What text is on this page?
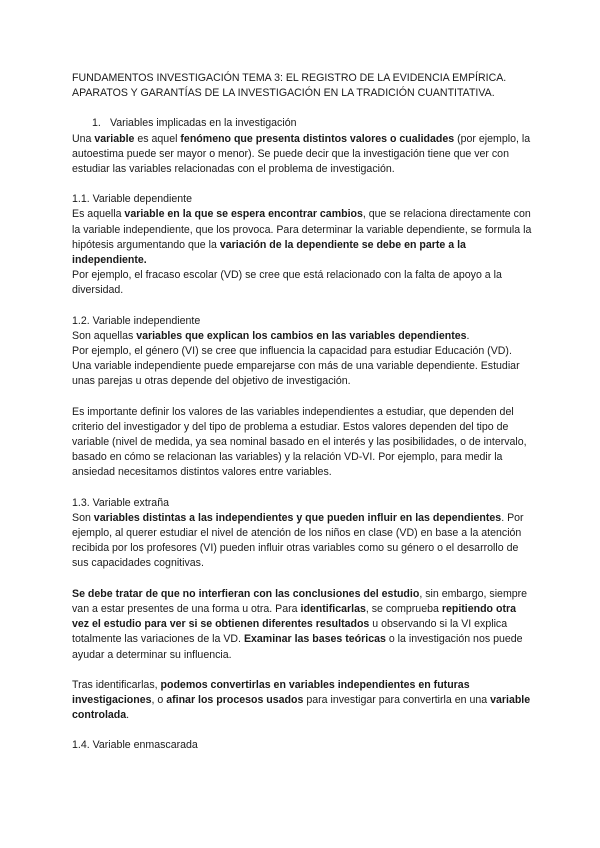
FUNDAMENTOS INVESTIGACIÓN TEMA 3: EL REGISTRO DE LA EVIDENCIA EMPÍRICA. APARATOS Y GARANTÍAS DE LA INVESTIGACIÓN EN LA TRADICIÓN CUANTITATIVA.

1. Variables implicadas en la investigación

Una variable es aquel fenómeno que presenta distintos valores o cualidades (por ejemplo, la autoestima puede ser mayor o menor). Se puede decir que la investigación tiene que ver con estudiar las variables relacionadas con el problema de investigación.

1.1. Variable dependiente

Es aquella variable en la que se espera encontrar cambios, que se relaciona directamente con la variable independiente, que los provoca. Para determinar la variable dependiente, se formula la hipótesis argumentando que la variación de la dependiente se debe en parte a la independiente.

Por ejemplo, el fracaso escolar (VD) se cree que está relacionado con la falta de apoyo a la diversidad.

1.2. Variable independiente

Son aquellas variables que explican los cambios en las variables dependientes.

Por ejemplo, el género (VI) se cree que influencia la capacidad para estudiar Educación (VD).

Una variable independiente puede emparejarse con más de una variable dependiente. Estudiar unas parejas u otras depende del objetivo de investigación.

Es importante definir los valores de las variables independientes a estudiar, que dependen del criterio del investigador y del tipo de problema a estudiar. Estos valores dependen del tipo de variable (nivel de medida, ya sea nominal basado en el interés y las posibilidades, o de intervalo, basado en cómo se relacionan las variables) y la relación VD-VI. Por ejemplo, para medir la ansiedad necesitamos distintos valores entre variables.

1.3. Variable extraña

Son variables distintas a las independientes y que pueden influir en las dependientes. Por ejemplo, al querer estudiar el nivel de atención de los niños en clase (VD) en base a la atención recibida por los profesores (VI) pueden influir otras variables como su género o el desarrollo de sus capacidades cognitivas.

Se debe tratar de que no interfieran con las conclusiones del estudio, sin embargo, siempre van a estar presentes de una forma u otra. Para identificarlas, se comprueba repitiendo otra vez el estudio para ver si se obtienen diferentes resultados u observando si la VI explica totalmente las variaciones de la VD. Examinar las bases teóricas o la investigación nos puede ayudar a determinar su influencia.

Tras identificarlas, podemos convertirlas en variables independientes en futuras investigaciones, o afinar los procesos usados para investigar para convertirla en una variable controlada.

1.4. Variable enmascarada
